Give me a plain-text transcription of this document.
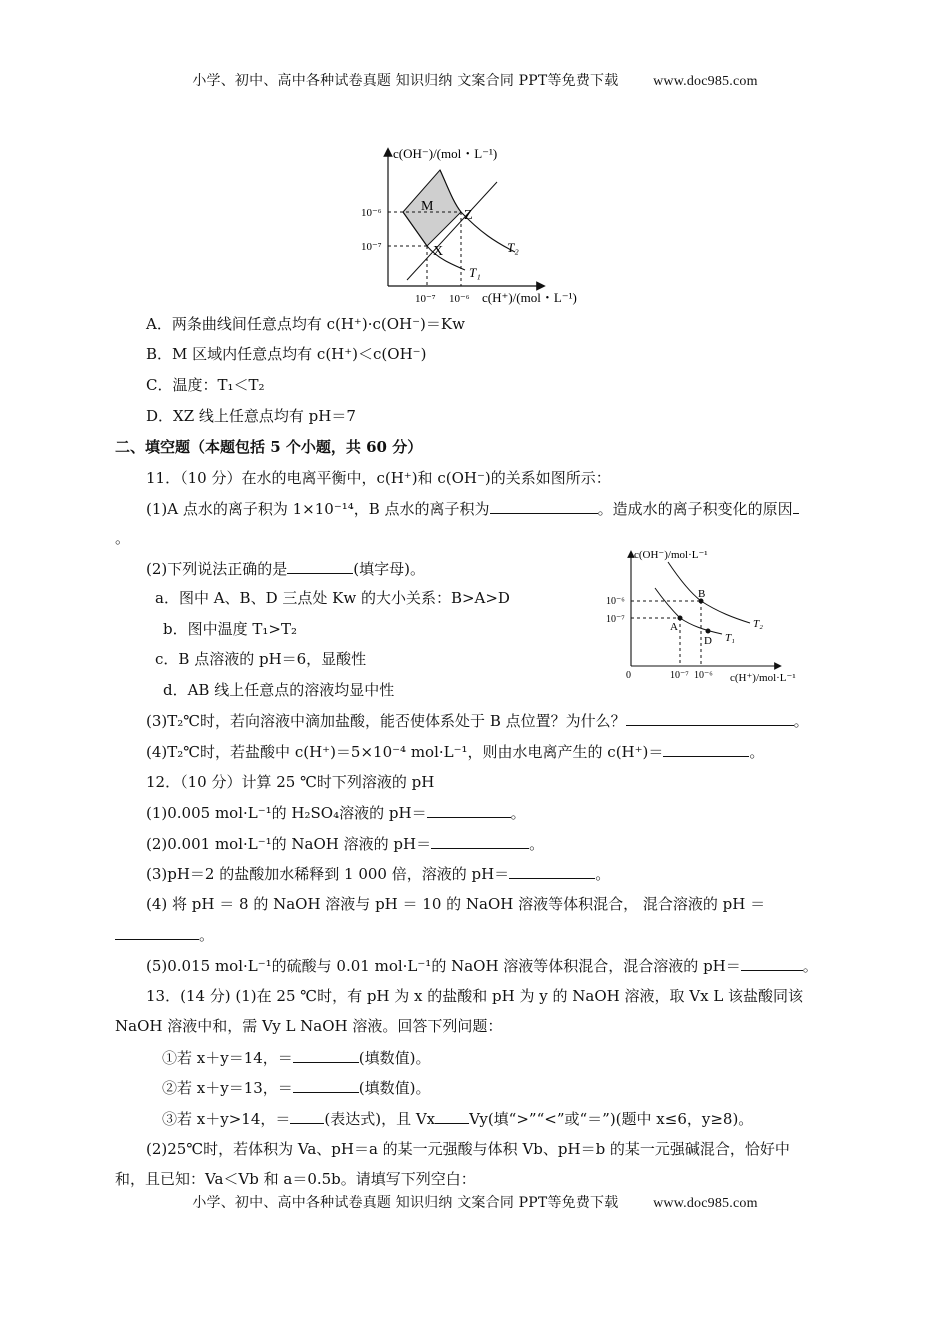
小学、初中、高中各种试卷真题 知识归纳 文案合同 PPT等免费下载 www.doc985.com
c(OH⁻)/(mol・L⁻¹)
10⁻⁶
10⁻⁷
10⁻⁷ 10⁻⁶ c(H⁺)/(mol・L⁻¹)
M
Z
X	T₂
T₁
A．两条曲线间任意点均有 c(H⁺)·c(OH⁻)＝Kw
B．M 区域内任意点均有 c(H⁺)＜c(OH⁻)
C．温度：T₁＜T₂
D．XZ 线上任意点均有 pH＝7
二、填空题（本题包括 5 个小题，共 60 分）
11．（10 分）在水的电离平衡中，c(H⁺)和 c(OH⁻)的关系如图所示：
(1)A 点水的离子积为 1×10⁻¹⁴，B 点水的离子积为	。造成水的离子积变化的原因
。
(2)下列说法正确的是	(填字母)。
a．图中 A、B、D 三点处 Kw 的大小关系：B>A>D
b．图中温度 T₁>T₂
c．B 点溶液的 pH＝6，显酸性
d．AB 线上任意点的溶液均显中性
c(OH⁻)/mol·L⁻¹
10⁻⁶
10⁻⁷
0	10⁻⁷ 10⁻⁶ c(H⁺)/mol·L⁻¹
B
A
D
T₂
T₁
(3)T₂℃时，若向溶液中滴加盐酸，能否使体系处于 B 点位置？为什么？	。
(4)T₂℃时，若盐酸中 c(H⁺)＝5×10⁻⁴ mol·L⁻¹，则由水电离产生的 c(H⁺)＝	。
12．（10 分）计算 25 ℃时下列溶液的 pH
(1)0.005 mol·L⁻¹的 H₂SO₄溶液的 pH＝	。
(2)0.001 mol·L⁻¹的 NaOH 溶液的 pH＝	。
(3)pH＝2 的盐酸加水稀释到 1 000 倍，溶液的 pH＝	。
(4) 将 pH ＝ 8 的 NaOH 溶液与 pH ＝ 10 的 NaOH 溶液等体积混合， 混合溶液的 pH ＝
。
(5)0.015 mol·L⁻¹的硫酸与 0.01 mol·L⁻¹的 NaOH 溶液等体积混合，混合溶液的 pH＝	。
13．(14 分) (1)在 25 ℃时，有 pH 为 x 的盐酸和 pH 为 y 的 NaOH 溶液，取 Vx L 该盐酸同该
NaOH 溶液中和，需 Vy L NaOH 溶液。回答下列问题：
①若 x＋y＝14，＝	(填数值)。
②若 x＋y＝13，＝	(填数值)。
③若 x＋y>14，＝ (表达式)，且 Vx Vy(填“>”“<”或“＝”)(题中 x≤6，y≥8)。
(2)25℃时，若体积为 Va、pH＝a 的某一元强酸与体积 Vb、pH＝b 的某一元强碱混合，恰好中
和，且已知：Va＜Vb 和 a＝0.5b。请填写下列空白：
小学、初中、高中各种试卷真题 知识归纳 文案合同 PPT等免费下载 www.doc985.com
